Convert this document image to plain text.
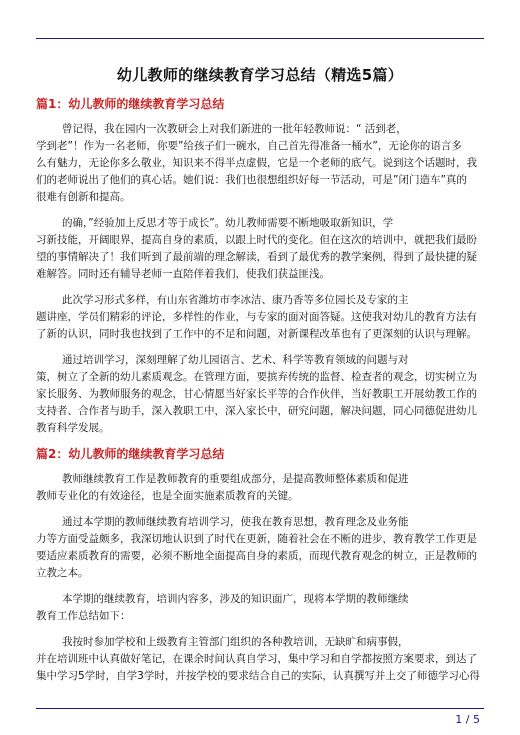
幼儿教师的继续教育学习总结（精选5篇）
篇1：幼儿教师的继续教育学习总结
曾记得，我在园内一次教研会上对我们新进的一批年轻教师说：“ 活到老，
学到老”！作为一名老师，你要”给孩子们一碗水，自己首先得准备一桶水”，无论你的语言多
么有魅力，无论你多么敬业，知识来不得半点虚假，它是一个老师的底气。说到这个话题时，我
们的老师说出了他们的真心话。她们说：我们也很想组织好每一节活动，可是”闭门造车”真的
很难有创新和提高。
的确，”经验加上反思才等于成长”。幼儿教师需要不断地吸取新知识，学
习新技能，开阔眼界，提高自身的素质，以跟上时代的变化。但在这次的培训中，就把我们最盼
望的事情解决了！我们听到了最前端的理念解读，看到了最优秀的教学案例，得到了最快捷的疑
难解答。同时还有辅导老师一直陪伴着我们，使我们获益匪浅。
此次学习形式多样，有山东省潍坊市李冰洁、康乃香等多位园长及专家的主
题讲座，学员们精彩的评论，多样性的作业，与专家的面对面答疑。这使我对幼儿的教育方法有
了新的认识，同时我也找到了工作中的不足和问题，对新课程改革也有了更深刻的认识与理解。
通过培训学习，深刻理解了幼儿园语言、艺术、科学等教育领域的问题与对
策，树立了全新的幼儿素质观念。在管理方面，要摈弃传统的监督、检查者的观念，切实树立为
家长服务、为教师服务的观念，甘心情愿当好家长平等的合作伙伴，当好教职工开展幼教工作的
支持者、合作者与助手，深入教职工中，深入家长中，研究问题，解决问题，同心同德促进幼儿
教育科学发展。
篇2：幼儿教师的继续教育学习总结
教师继续教育工作是教师教育的重要组成部分，是提高教师整体素质和促进
教师专业化的有效途径，也是全面实施素质教育的关键。
通过本学期的教师继续教育培训学习，使我在教育思想，教育理念及业务能
力等方面受益颇多，我深切地认识到了时代在更新，随着社会在不断的进步，教育教学工作更是
要适应素质教育的需要，必须不断地全面提高自身的素质，而现代教育观念的树立，正是教师的
立教之本。
本学期的继续教育，培训内容多，涉及的知识面广，现将本学期的教师继续
教育工作总结如下：
我按时参加学校和上级教育主管部门组织的各种教培训，无缺旷和病事假，
并在培训班中认真做好笔记，在课余时间认真自学习，集中学习和自学都按照方案要求，到达了
集中学习5学时，自学3学时，并按学校的要求结合自己的实际，认真撰写并上交了师德学习心得
1 / 5
